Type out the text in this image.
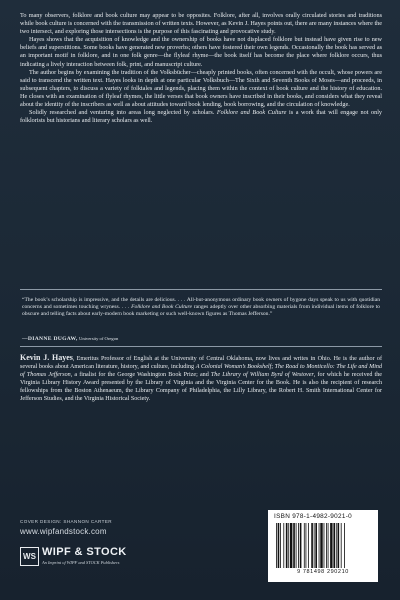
To many observers, folklore and book culture may appear to be opposites. Folklore, after all, involves orally circulated stories and traditions while book culture is concerned with the transmission of written texts. However, as Kevin J. Hayes points out, there are many instances where the two intersect, and exploring those intersections is the purpose of this fascinating and provocative study.

Hayes shows that the acquisition of knowledge and the ownership of books have not displaced folklore but instead have given rise to new beliefs and superstitions. Some books have generated new proverbs; others have fostered their own legends. Occasionally the book has served as an important motif in folklore, and in one folk genre—the flyleaf rhyme—the book itself has become the place where folklore occurs, thus indicating a lively interaction between folk, print, and manuscript culture.

The author begins by examining the tradition of the Volksbücher—cheaply printed books, often concerned with the occult, whose powers are said to transcend the written text. Hayes looks in depth at one particular Volksbuch—The Sixth and Seventh Books of Moses—and proceeds, in subsequent chapters, to discuss a variety of folktales and legends, placing them within the context of book culture and the history of education. He closes with an examination of flyleaf rhymes, the little verses that book owners have inscribed in their books, and considers what they reveal about the identity of the inscribers as well as about attitudes toward book lending, book borrowing, and the circulation of knowledge.

Solidly researched and venturing into areas long neglected by scholars. Folklore and Book Culture is a work that will engage not only folklorists but historians and literary scholars as well.

“The book’s scholarship is impressive, and the details are delicious. . . . All-but-anonymous ordinary book owners of bygone days speak to us with quotidian concerns and sometimes touching wryness. . . . Folklore and Book Culture ranges adeptly over other absorbing materials from individual items of folklore to obscure and telling facts about early-modern book marketing or such well-known figures as Thomas Jefferson.”
—DIANNE DUGAW, University of Oregon
Kevin J. Hayes, Emeritus Professor of English at the University of Central Oklahoma, now lives and writes in Ohio. He is the author of several books about American literature, history, and culture, including A Colonial Woman’s Bookshelf; The Road to Monticello: The Life and Mind of Thomas Jefferson, a finalist for the George Washington Book Prize; and The Library of William Byrd of Westover, for which he received the Virginia Library History Award presented by the Library of Virginia and the Virginia Center for the Book. He is also the recipient of research fellowships from the Boston Athenaeum, the Library Company of Philadelphia, the Lilly Library, the Robert H. Smith International Center for Jefferson Studies, and the Virginia Historical Society.
COVER DESIGN: SHANNON CARTER
www.wipfandstock.com
WS WIPF & STOCK
An Imprint of WIPF and STOCK Publishers
ISBN 978-1-4982-9021-0
9 781498 290210
